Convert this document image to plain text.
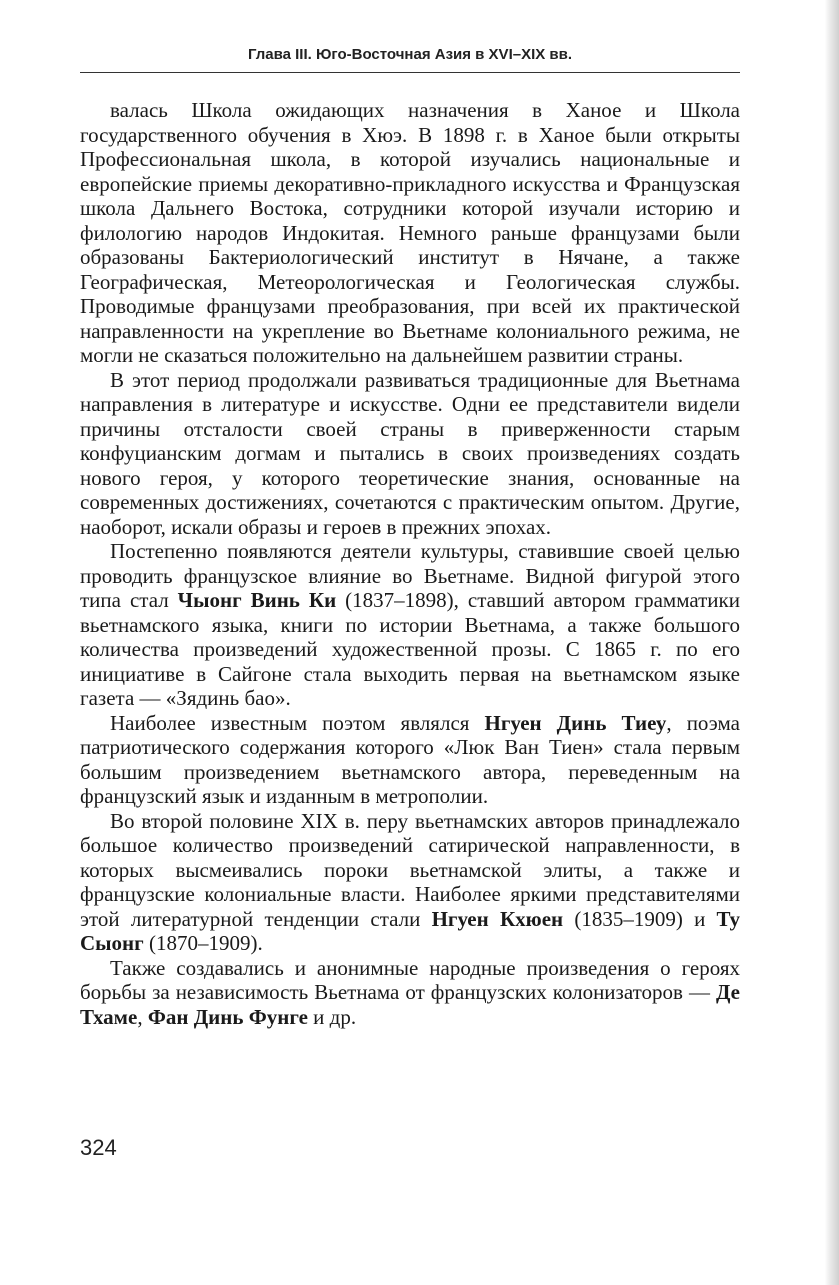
Глава III. Юго-Восточная Азия в XVI–XIX вв.

валась Школа ожидающих назначения в Ханое и Школа государственного обучения в Хюэ. В 1898 г. в Ханое были открыты Профессиональная школа, в которой изучались национальные и европейские приемы декоративно-прикладного искусства и Французская школа Дальнего Востока, сотрудники которой изучали историю и филологию народов Индокитая. Немного раньше французами были образованы Бактериологический институт в Нячане, а также Географическая, Метеорологическая и Геологическая службы. Проводимые французами преобразования, при всей их практической направленности на укрепление во Вьетнаме колониального режима, не могли не сказаться положительно на дальнейшем развитии страны.

В этот период продолжали развиваться традиционные для Вьетнама направления в литературе и искусстве. Одни ее представители видели причины отсталости своей страны в приверженности старым конфуцианским догмам и пытались в своих произведениях создать нового героя, у которого теоретические знания, основанные на современных достижениях, сочетаются с практическим опытом. Другие, наоборот, искали образы и героев в прежних эпохах.

Постепенно появляются деятели культуры, ставившие своей целью проводить французское влияние во Вьетнаме. Видной фигурой этого типа стал Чыонг Винь Ки (1837–1898), ставший автором грамматики вьетнамского языка, книги по истории Вьетнама, а также большого количества произведений художественной прозы. С 1865 г. по его инициативе в Сайгоне стала выходить первая на вьетнамском языке газета — «Зядинь бао».

Наиболее известным поэтом являлся Нгуен Динь Тиеу, поэма патриотического содержания которого «Люк Ван Тиен» стала первым большим произведением вьетнамского автора, переведенным на французский язык и изданным в метрополии.

Во второй половине XIX в. перу вьетнамских авторов принадлежало большое количество произведений сатирической направленности, в которых высмеивались пороки вьетнамской элиты, а также и французские колониальные власти. Наиболее яркими представителями этой литературной тенденции стали Нгуен Кхюен (1835–1909) и Ту Сыонг (1870–1909).

Также создавались и анонимные народные произведения о героях борьбы за независимость Вьетнама от французских колонизаторов — Де Тхаме, Фан Динь Фунге и др.

324
